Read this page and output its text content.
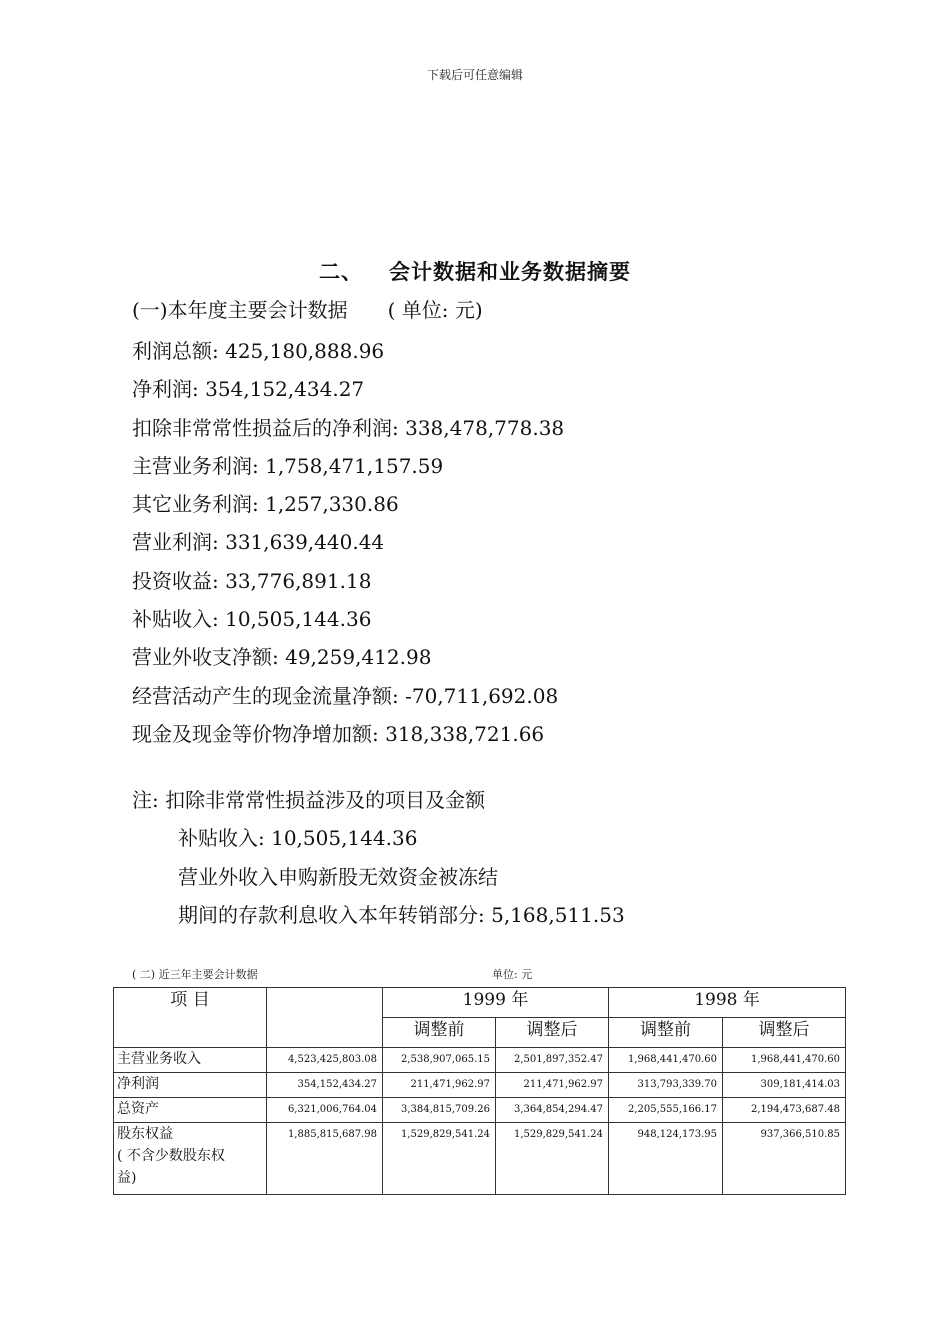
下载后可任意编辑
二、 会计数据和业务数据摘要
(一)本年度主要会计数据 ( 单位: 元)
利润总额: 425,180,888.96
净利润: 354,152,434.27
扣除非常常性损益后的净利润: 338,478,778.38
主营业务利润: 1,758,471,157.59
其它业务利润: 1,257,330.86
营业利润: 331,639,440.44
投资收益: 33,776,891.18
补贴收入: 10,505,144.36
营业外收支净额: 49,259,412.98
经营活动产生的现金流量净额: -70,711,692.08
现金及现金等价物净增加额: 318,338,721.66
注: 扣除非常常性损益涉及的项目及金额
补贴收入: 10,505,144.36
营业外收入申购新股无效资金被冻结
期间的存款利息收入本年转销部分: 5,168,511.53
( 二) 近三年主要会计数据	单位: 元
项 目		1999 年		1998 年	
		调整前	调整后	调整前	调整后
主营业务收入	4,523,425,803.08	2,538,907,065.15	2,501,897,352.47	1,968,441,470.60	1,968,441,470.60
净利润	354,152,434.27	211,471,962.97	211,471,962.97	313,793,339.70	309,181,414.03
总资产	6,321,006,764.04	3,384,815,709.26	3,364,854,294.47	2,205,555,166.17	2,194,473,687.48

股东权益
( 不含少数股东权
益)	1,885,815,687.98	1,529,829,541.24	1,529,829,541.24	948,124,173.95	937,366,510.85
